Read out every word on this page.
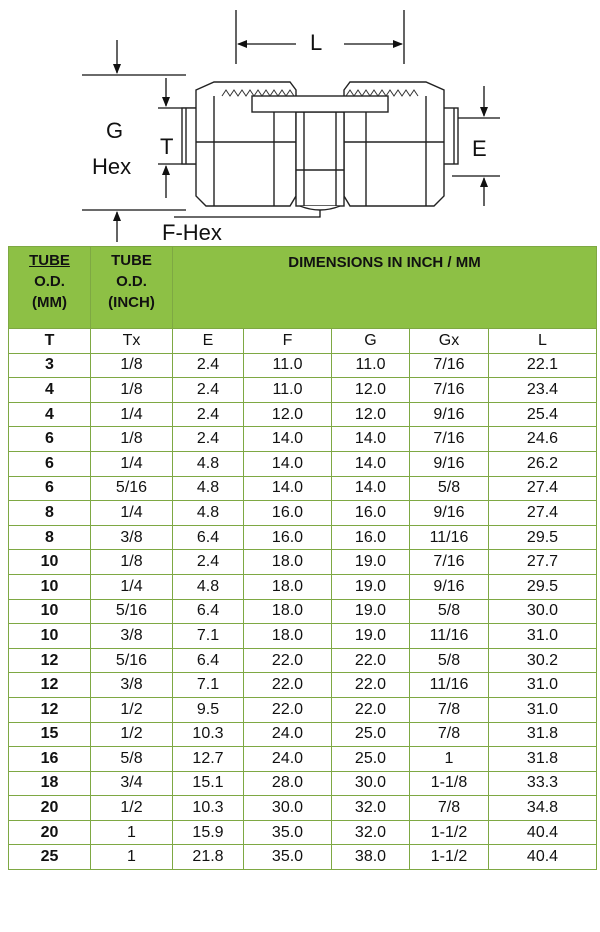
L
G
Hex
T	E
F-Hex
TUBE
O.D.
(MM)	TUBE
O.D.
(INCH)	DIMENSIONS IN INCH / MM				
T	Tx	E	F	G	Gx	L
3	1/8	2.4	11.0	11.0	7/16	22.1
4	1/8	2.4	11.0	12.0	7/16	23.4
4	1/4	2.4	12.0	12.0	9/16	25.4
6	1/8	2.4	14.0	14.0	7/16	24.6
6	1/4	4.8	14.0	14.0	9/16	26.2
6	5/16	4.8	14.0	14.0	5/8	27.4
8	1/4	4.8	16.0	16.0	9/16	27.4
8	3/8	6.4	16.0	16.0	11/16	29.5
10	1/8	2.4	18.0	19.0	7/16	27.7
10	1/4	4.8	18.0	19.0	9/16	29.5
10	5/16	6.4	18.0	19.0	5/8	30.0
10	3/8	7.1	18.0	19.0	11/16	31.0
12	5/16	6.4	22.0	22.0	5/8	30.2
12	3/8	7.1	22.0	22.0	11/16	31.0
12	1/2	9.5	22.0	22.0	7/8	31.0
15	1/2	10.3	24.0	25.0	7/8	31.8
16	5/8	12.7	24.0	25.0	1	31.8
18	3/4	15.1	28.0	30.0	1-1/8	33.3
20	1/2	10.3	30.0	32.0	7/8	34.8
20	1	15.9	35.0	32.0	1-1/2	40.4
25	1	21.8	35.0	38.0	1-1/2	40.4
